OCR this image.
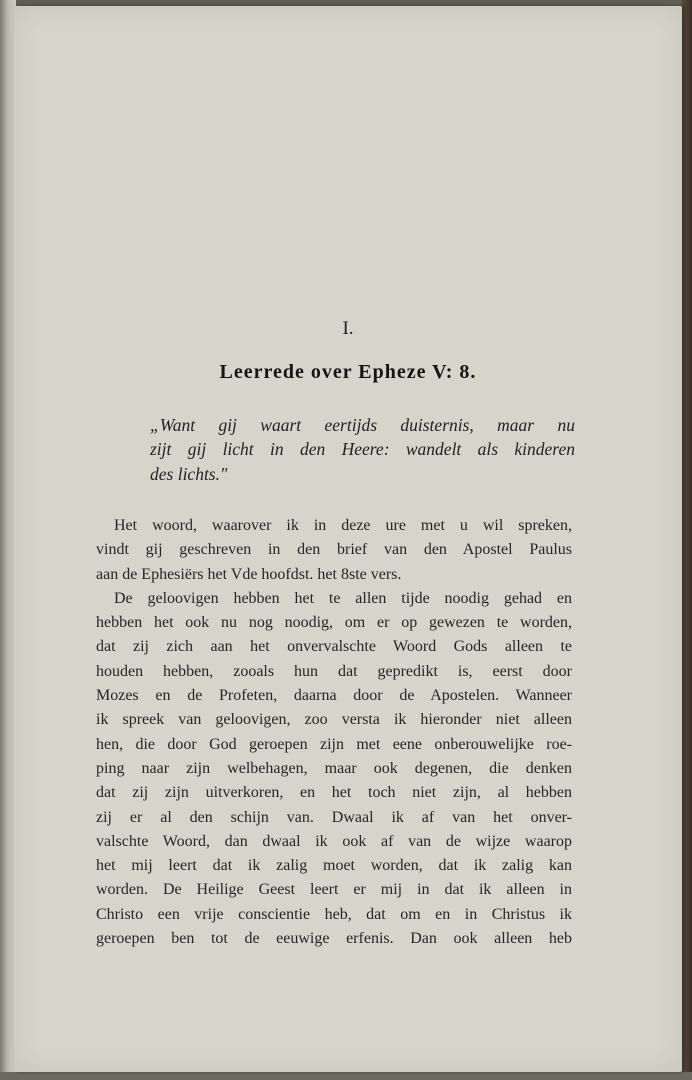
I.
Leerrede over Epheze V: 8.
„Want gij waart eertijds duisternis, maar nu
zijt gij licht in den Heere: wandelt als kinderen
des lichts."
Het woord, waarover ik in deze ure met u wil spreken,
vindt gij geschreven in den brief van den Apostel Paulus
aan de Ephesiërs het Vde hoofdst. het 8ste vers.
De geloovigen hebben het te allen tijde noodig gehad en
hebben het ook nu nog noodig, om er op gewezen te worden,
dat zij zich aan het onvervalschte Woord Gods alleen te
houden hebben, zooals hun dat gepredikt is, eerst door
Mozes en de Profeten, daarna door de Apostelen. Wanneer
ik spreek van geloovigen, zoo versta ik hieronder niet alleen
hen, die door God geroepen zijn met eene onberouwelijke roe-
ping naar zijn welbehagen, maar ook degenen, die denken
dat zij zijn uitverkoren, en het toch niet zijn, al hebben
zij er al den schijn van. Dwaal ik af van het onver-
valschte Woord, dan dwaal ik ook af van de wijze waarop
het mij leert dat ik zalig moet worden, dat ik zalig kan
worden. De Heilige Geest leert er mij in dat ik alleen in
Christo een vrije conscientie heb, dat om en in Christus ik
geroepen ben tot de eeuwige erfenis. Dan ook alleen heb
